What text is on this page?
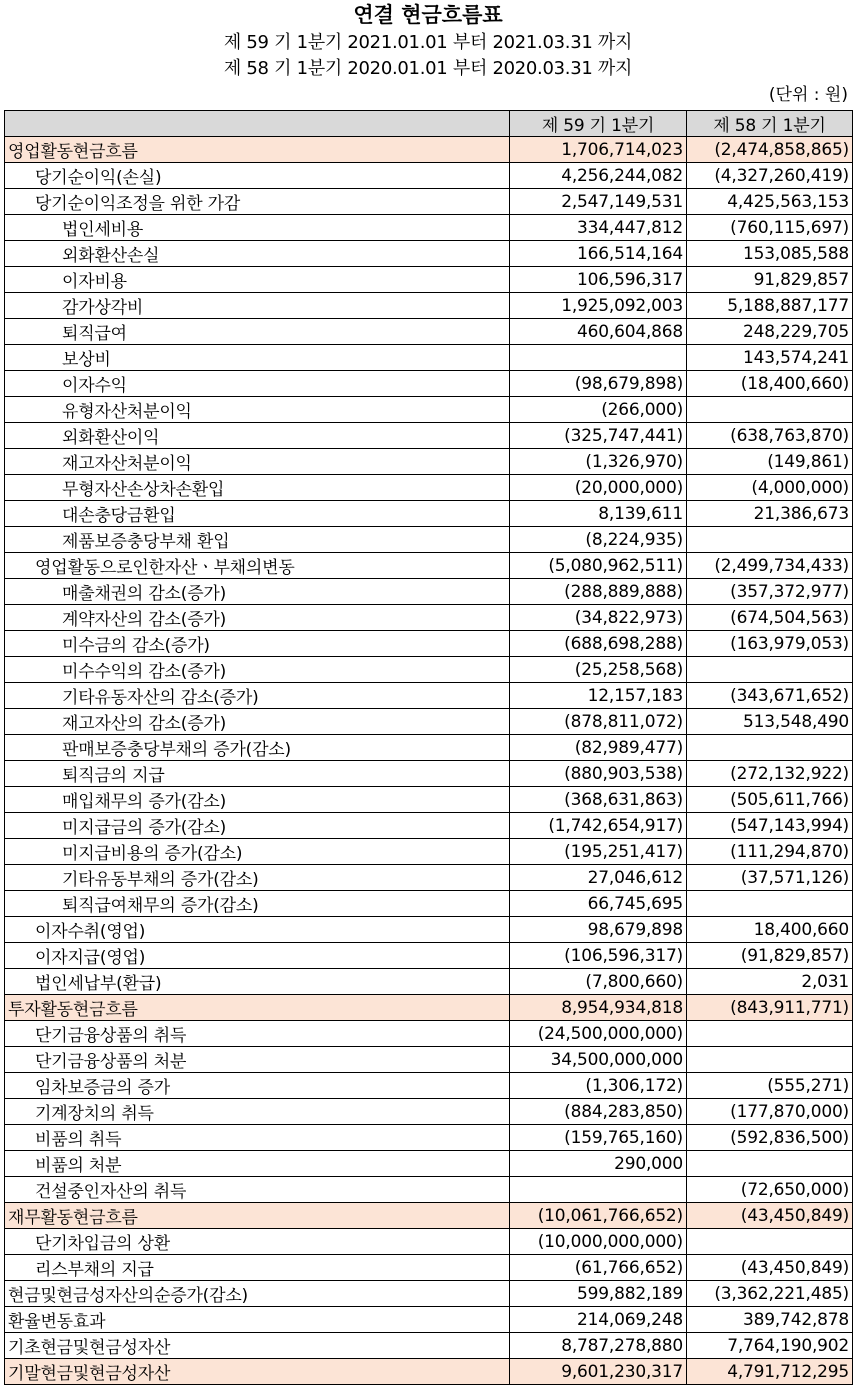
연결 현금흐름표
제 59 기 1분기 2021.01.01 부터 2021.03.31 까지
제 58 기 1분기 2020.01.01 부터 2020.03.31 까지
(단위 : 원)
	제 59 기 1분기	제 58 기 1분기
영업활동현금흐름	1,706,714,023	(2,474,858,865)
당기순이익(손실)	4,256,244,082	(4,327,260,419)
당기순이익조정을 위한 가감	2,547,149,531	4,425,563,153
법인세비용	334,447,812	(760,115,697)
외화환산손실	166,514,164	153,085,588
이자비용	106,596,317	91,829,857
감가상각비	1,925,092,003	5,188,887,177
퇴직급여	460,604,868	248,229,705
보상비		143,574,241
이자수익	(98,679,898)	(18,400,660)
유형자산처분이익	(266,000)	
외화환산이익	(325,747,441)	(638,763,870)
재고자산처분이익	(1,326,970)	(149,861)
무형자산손상차손환입	(20,000,000)	(4,000,000)
대손충당금환입	8,139,611	21,386,673
제품보증충당부채 환입	(8,224,935)	
영업활동으로인한자산ㆍ부채의변동	(5,080,962,511)	(2,499,734,433)
매출채권의 감소(증가)	(288,889,888)	(357,372,977)
계약자산의 감소(증가)	(34,822,973)	(674,504,563)
미수금의 감소(증가)	(688,698,288)	(163,979,053)
미수수익의 감소(증가)	(25,258,568)	
기타유동자산의 감소(증가)	12,157,183	(343,671,652)
재고자산의 감소(증가)	(878,811,072)	513,548,490
판매보증충당부채의 증가(감소)	(82,989,477)	
퇴직금의 지급	(880,903,538)	(272,132,922)
매입채무의 증가(감소)	(368,631,863)	(505,611,766)
미지급금의 증가(감소)	(1,742,654,917)	(547,143,994)
미지급비용의 증가(감소)	(195,251,417)	(111,294,870)
기타유동부채의 증가(감소)	27,046,612	(37,571,126)
퇴직급여채무의 증가(감소)	66,745,695	
이자수취(영업)	98,679,898	18,400,660
이자지급(영업)	(106,596,317)	(91,829,857)
법인세납부(환급)	(7,800,660)	2,031
투자활동현금흐름	8,954,934,818	(843,911,771)
단기금융상품의 취득	(24,500,000,000)	
단기금융상품의 처분	34,500,000,000	
임차보증금의 증가	(1,306,172)	(555,271)
기계장치의 취득	(884,283,850)	(177,870,000)
비품의 취득	(159,765,160)	(592,836,500)
비품의 처분	290,000	
건설중인자산의 취득		(72,650,000)
재무활동현금흐름	(10,061,766,652)	(43,450,849)
단기차입금의 상환	(10,000,000,000)	
리스부채의 지급	(61,766,652)	(43,450,849)
현금및현금성자산의순증가(감소)	599,882,189	(3,362,221,485)
환율변동효과	214,069,248	389,742,878
기초현금및현금성자산	8,787,278,880	7,764,190,902
기말현금및현금성자산	9,601,230,317	4,791,712,295
